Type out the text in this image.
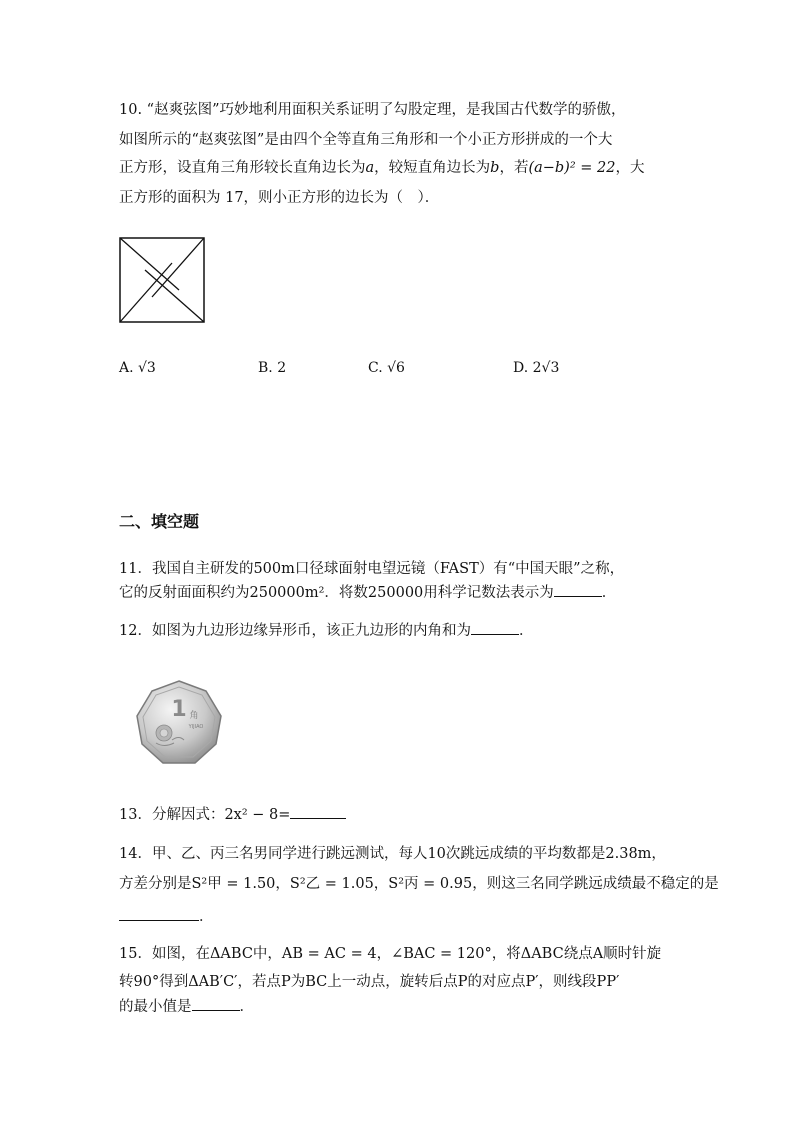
10. “赵爽弦图”巧妙地利用面积关系证明了勾股定理，是我国古代数学的骄傲，
如图所示的“赵爽弦图”是由四个全等直角三角形和一个小正方形拼成的一个大
正方形，设直角三角形较长直角边长为a，较短直角边长为b，若(a−b)² = 22，大
正方形的面积为 17，则小正方形的边长为（　）．
A. √3	B. 2	C. √6	D. 2√3
二、填空题
11．我国自主研发的500m口径球面射电望远镜（FAST）有“中国天眼”之称，
它的反射面面积约为250000m²．将数250000用科学记数法表示为	．
12．如图为九边形边缘异形币，该正九边形的内角和为	．
1 角
YIJIAO
13．分解因式：2x² − 8=
14．甲、乙、丙三名男同学进行跳远测试，每人10次跳远成绩的平均数都是2.38m，
方差分别是S²甲 = 1.50，S²乙 = 1.05，S²丙 = 0.95，则这三名同学跳远成绩最不稳定的是
．
15．如图，在ΔABC中，AB = AC = 4，∠BAC = 120°，将ΔABC绕点A顺时针旋
转90°得到ΔAB′C′，若点P为BC上一动点，旋转后点P的对应点P′，则线段PP′
的最小值是	．
